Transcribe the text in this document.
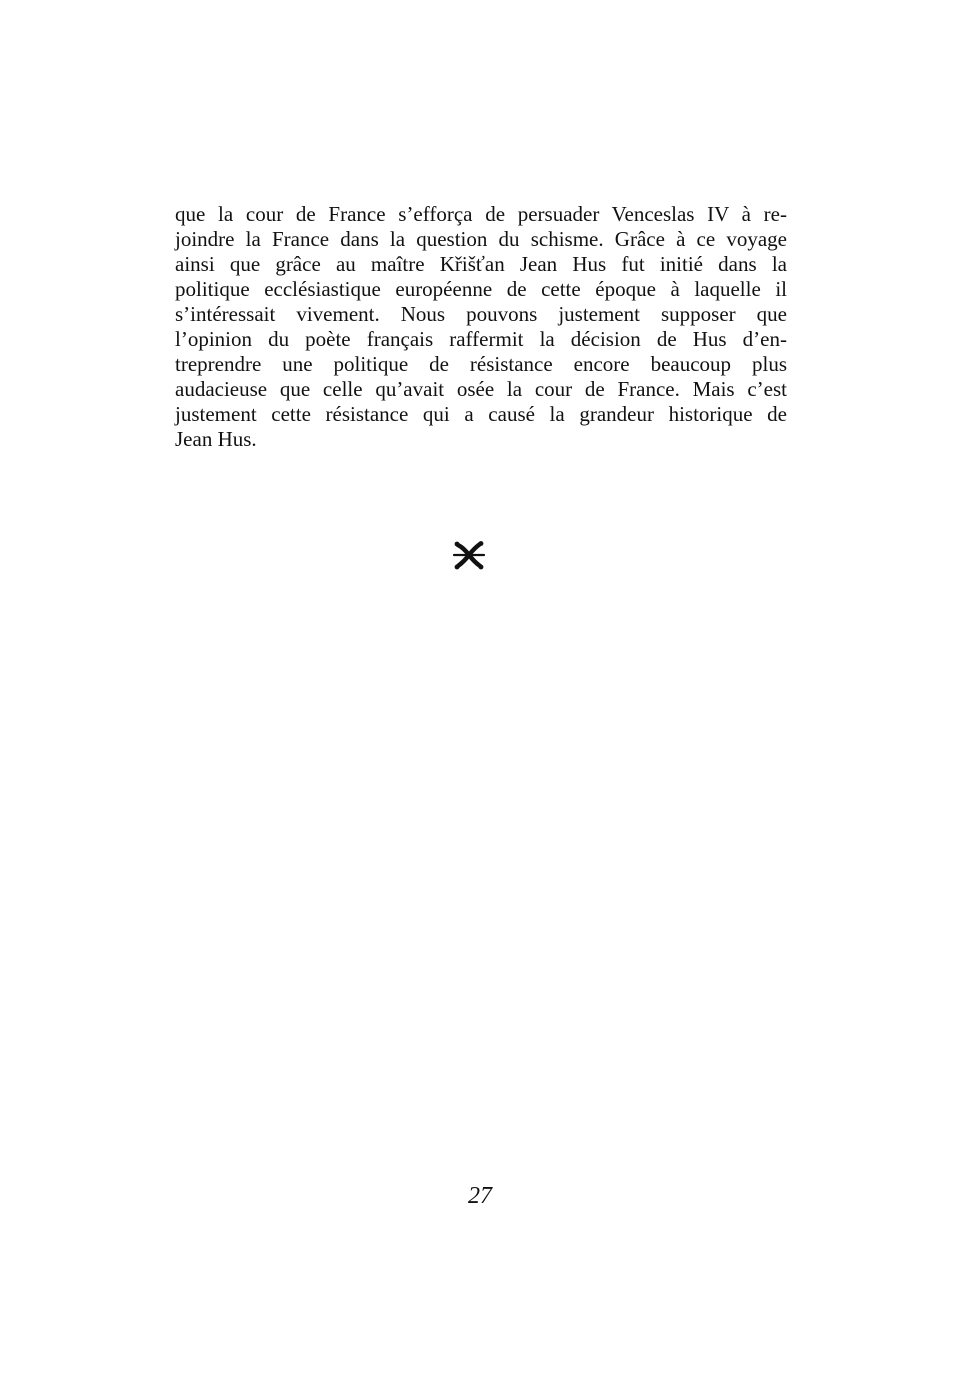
que la cour de France s’efforça de persuader Venceslas IV à re-
joindre la France dans la question du schisme. Grâce à ce voyage
ainsi que grâce au maître Křišťan Jean Hus fut initié dans la
politique ecclésiastique européenne de cette époque à laquelle il
s’intéressait vivement. Nous pouvons justement supposer que
l’opinion du poète français raffermit la décision de Hus d’en-
treprendre une politique de résistance encore beaucoup plus
audacieuse que celle qu’avait osée la cour de France. Mais c’est
justement cette résistance qui a causé la grandeur historique de
Jean Hus.
27
